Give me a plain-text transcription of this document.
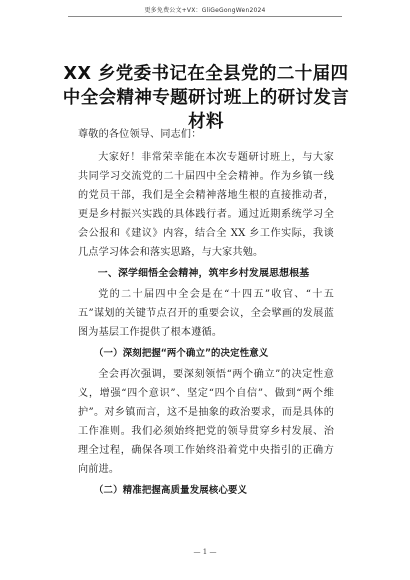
更多免费公文+VX：GliGeGongWen2024
XX 乡党委书记在全县党的二十届四中全会精神专题研讨班上的研讨发言材料

尊敬的各位领导、同志们：

大家好！非常荣幸能在本次专题研讨班上，与大家共同学习交流党的二十届四中全会精神。作为乡镇一线的党员干部，我们是全会精神落地生根的直接推动者，更是乡村振兴实践的具体践行者。通过近期系统学习全会公报和《建议》内容，结合全 XX 乡工作实际，我谈几点学习体会和落实思路，与大家共勉。

一、深学细悟全会精神，筑牢乡村发展思想根基

党的二十届四中全会是在“十四五”收官、“十五五”谋划的关键节点召开的重要会议，全会擘画的发展蓝图为基层工作提供了根本遵循。

（一）深刻把握“两个确立”的决定性意义

全会再次强调，要深刻领悟“两个确立”的决定性意义，增强“四个意识”、坚定“四个自信”、做到“两个维护”。对乡镇而言，这不是抽象的政治要求，而是具体的工作准则。我们必须始终把党的领导贯穿乡村发展、治理全过程，确保各项工作始终沿着党中央指引的正确方向前进。

（二）精准把握高质量发展核心要义

— 1 —
